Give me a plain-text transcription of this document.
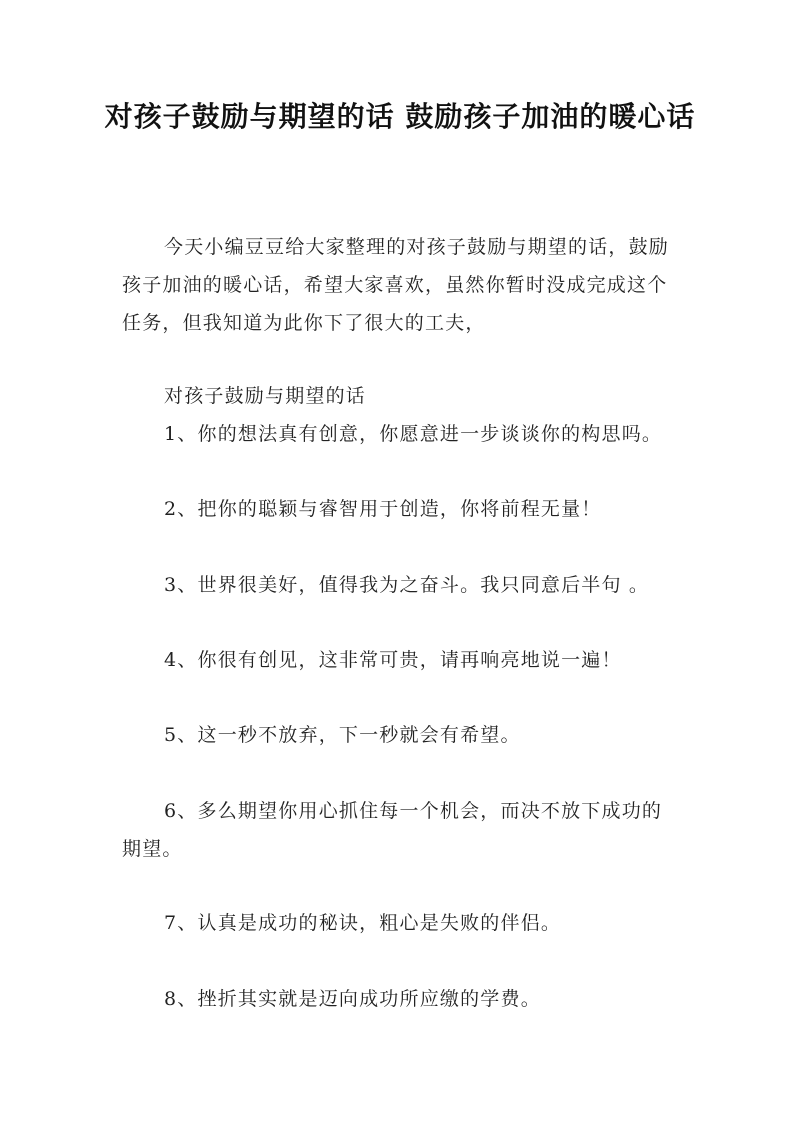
对孩子鼓励与期望的话 鼓励孩子加油的暖心话

今天小编豆豆给大家整理的对孩子鼓励与期望的话，鼓励孩子加油的暖心话，希望大家喜欢，虽然你暂时没成完成这个任务，但我知道为此你下了很大的工夫，

对孩子鼓励与期望的话

1、你的想法真有创意，你愿意进一步谈谈你的构思吗。

2、把你的聪颖与睿智用于创造，你将前程无量！

3、世界很美好，值得我为之奋斗。我只同意后半句 。

4、你很有创见，这非常可贵，请再响亮地说一遍！

5、这一秒不放弃，下一秒就会有希望。

6、多么期望你用心抓住每一个机会，而决不放下成功的期望。

7、认真是成功的秘诀，粗心是失败的伴侣。

8、挫折其实就是迈向成功所应缴的学费。
